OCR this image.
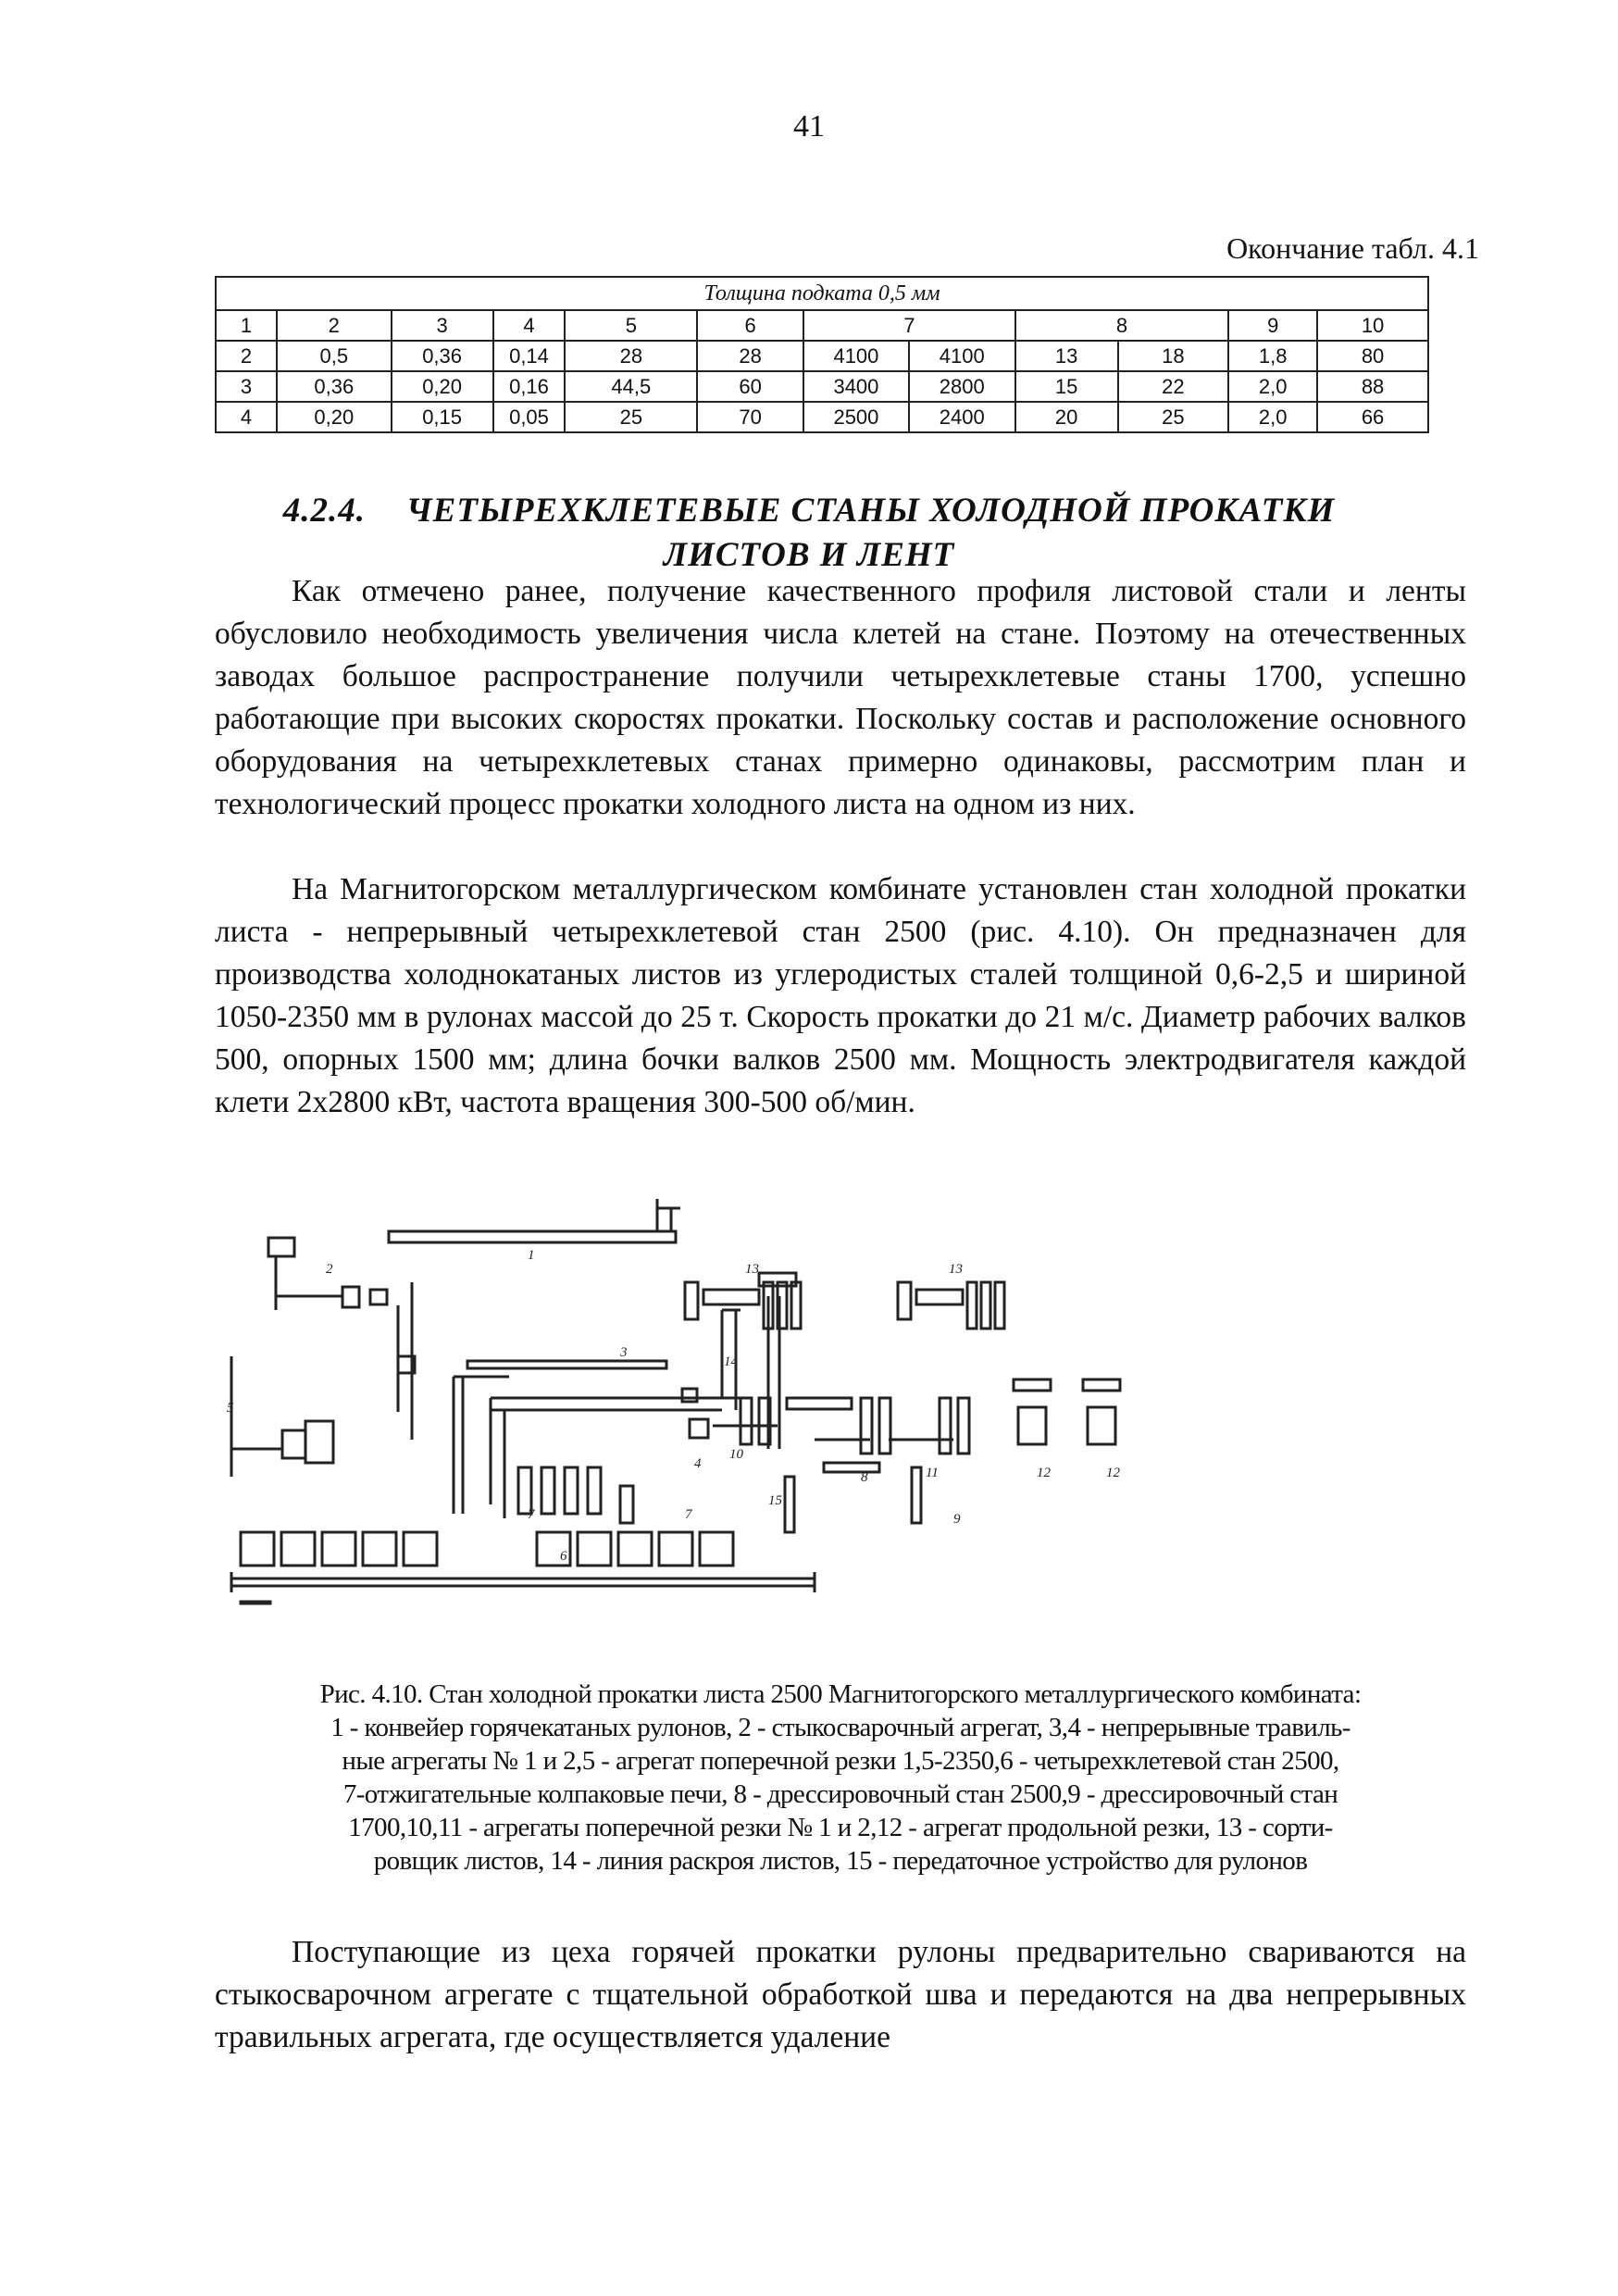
41
Окончание табл. 4.1
Толщина подката 0,5 мм											
1	2	3	4	5	6	7		8		9	10
2	0,5	0,36	0,14	28	28	4100	4100	13	18	1,8	80
3	0,36	0,20	0,16	44,5	60	3400	2800	15	22	2,0	88
4	0,20	0,15	0,05	25	70	2500	2400	20	25	2,0	66
4.2.4. ЧЕТЫРЕХКЛЕТЕВЫЕ СТАНЫ ХОЛОДНОЙ ПРОКАТКИ
ЛИСТОВ И ЛЕНТ

Как отмечено ранее, получение качественного профиля листовой стали и ленты обусловило необходимость увеличения числа клетей на стане. Поэтому на отечественных заводах большое распространение получили четырехклетевые станы 1700, успешно работающие при высоких скоростях прокатки. Поскольку состав и расположение основного оборудования на четырехклетевых станах примерно одинаковы, рассмотрим план и технологический процесс прокатки холодного листа на одном из них.

На Магнитогорском металлургическом комбинате установлен стан холодной прокатки листа - непрерывный четырехклетевой стан 2500 (рис. 4.10). Он предназначен для производства холоднокатаных листов из углеродистых сталей толщиной 0,6-2,5 и шириной 1050-2350 мм в рулонах массой до 25 т. Скорость прокатки до 21 м/с. Диаметр рабочих валков 500, опорных 1500 мм; длина бочки валков 2500 мм. Мощность электродвигателя каждой клети 2х2800 кВт, частота вращения 300-500 об/мин.

1
2
3
4
5
6
7	7
8
9
10
11	12	12
13	13
14
15
Рис. 4.10. Стан холодной прокатки листа 2500 Магнитогорского металлургического комбината:
1 - конвейер горячекатаных рулонов, 2 - стыкосварочный агрегат, 3,4 - непрерывные травиль-
ные агрегаты № 1 и 2,5 - агрегат поперечной резки 1,5-2350,6 - четырехклетевой стан 2500,
7-отжигательные колпаковые печи, 8 - дрессировочный стан 2500,9 - дрессировочный стан
1700,10,11 - агрегаты поперечной резки № 1 и 2,12 - агрегат продольной резки, 13 - сорти-
ровщик листов, 14 - линия раскроя листов, 15 - передаточное устройство для рулонов

Поступающие из цеха горячей прокатки рулоны предварительно свариваются на стыкосварочном агрегате с тщательной обработкой шва и передаются на два непрерывных травильных агрегата, где осуществляется удаление
